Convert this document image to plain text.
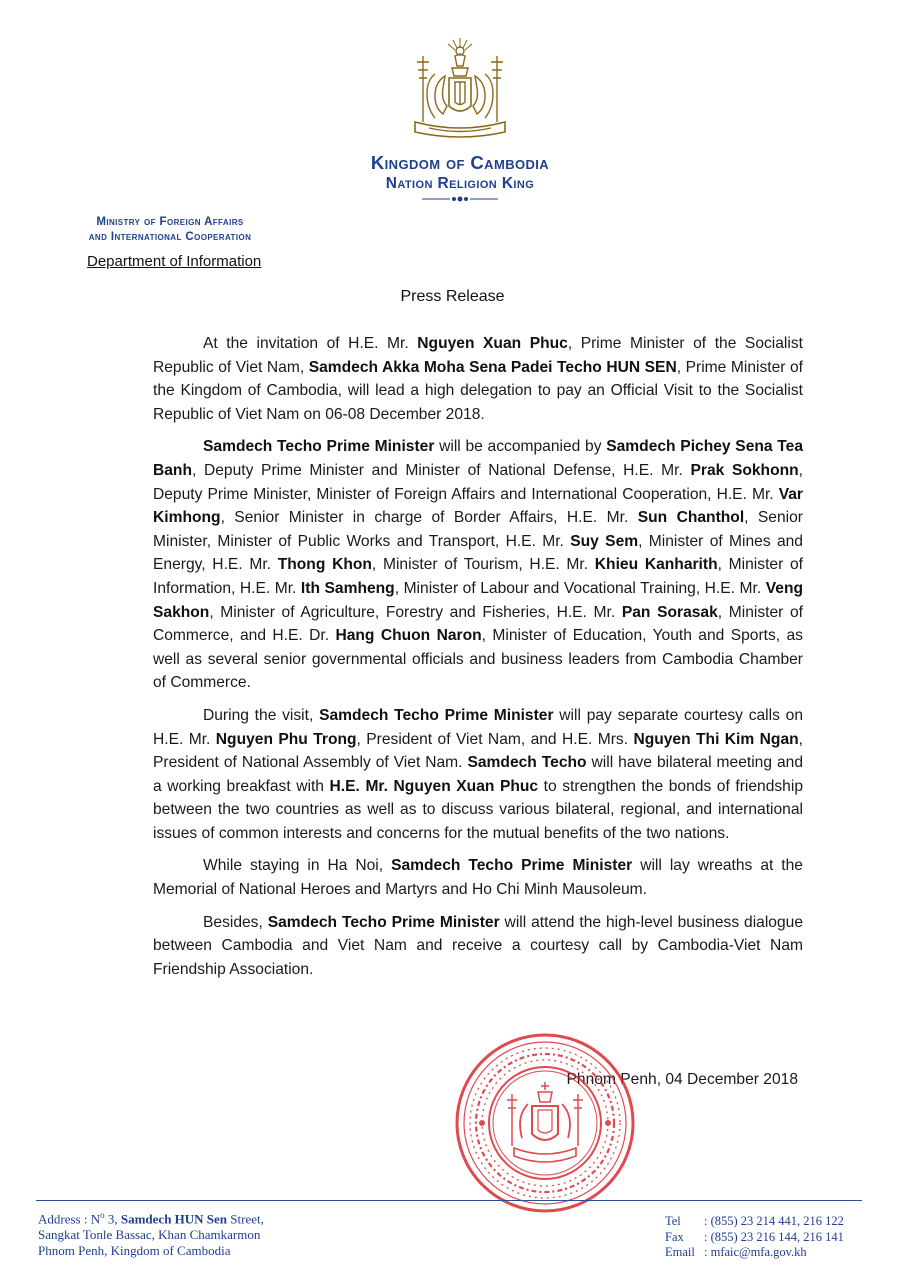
Kingdom of Cambodia
Nation Religion King
Ministry of Foreign Affairs
and International Cooperation
Department of Information
Press Release

At the invitation of H.E. Mr. Nguyen Xuan Phuc, Prime Minister of the Socialist Republic of Viet Nam, Samdech Akka Moha Sena Padei Techo HUN SEN, Prime Minister of the Kingdom of Cambodia, will lead a high delegation to pay an Official Visit to the Socialist Republic of Viet Nam on 06-08 December 2018.

Samdech Techo Prime Minister will be accompanied by Samdech Pichey Sena Tea Banh, Deputy Prime Minister and Minister of National Defense, H.E. Mr. Prak Sokhonn, Deputy Prime Minister, Minister of Foreign Affairs and International Cooperation, H.E. Mr. Var Kimhong, Senior Minister in charge of Border Affairs, H.E. Mr. Sun Chanthol, Senior Minister, Minister of Public Works and Transport, H.E. Mr. Suy Sem, Minister of Mines and Energy, H.E. Mr. Thong Khon, Minister of Tourism, H.E. Mr. Khieu Kanharith, Minister of Information, H.E. Mr. Ith Samheng, Minister of Labour and Vocational Training, H.E. Mr. Veng Sakhon, Minister of Agriculture, Forestry and Fisheries, H.E. Mr. Pan Sorasak, Minister of Commerce, and H.E. Dr. Hang Chuon Naron, Minister of Education, Youth and Sports, as well as several senior governmental officials and business leaders from Cambodia Chamber of Commerce.

During the visit, Samdech Techo Prime Minister will pay separate courtesy calls on H.E. Mr. Nguyen Phu Trong, President of Viet Nam, and H.E. Mrs. Nguyen Thi Kim Ngan, President of National Assembly of Viet Nam. Samdech Techo will have bilateral meeting and a working breakfast with H.E. Mr. Nguyen Xuan Phuc to strengthen the bonds of friendship between the two countries as well as to discuss various bilateral, regional, and international issues of common interests and concerns for the mutual benefits of the two nations.

While staying in Ha Noi, Samdech Techo Prime Minister will lay wreaths at the Memorial of National Heroes and Martyrs and Ho Chi Minh Mausoleum.

Besides, Samdech Techo Prime Minister will attend the high-level business dialogue between Cambodia and Viet Nam and receive a courtesy call by Cambodia-Viet Nam Friendship Association.

Phnom Penh, 04 December 2018
Address : $N^o$ 3, Samdech HUN Sen Street,
Sangkat Tonle Bassac, Khan Chamkarmon
Phnom Penh, Kingdom of Cambodia
Tel : (855) 23 214 441, 216 122
Fax : (855) 23 216 144, 216 141
Email : mfaic@mfa.gov.kh
